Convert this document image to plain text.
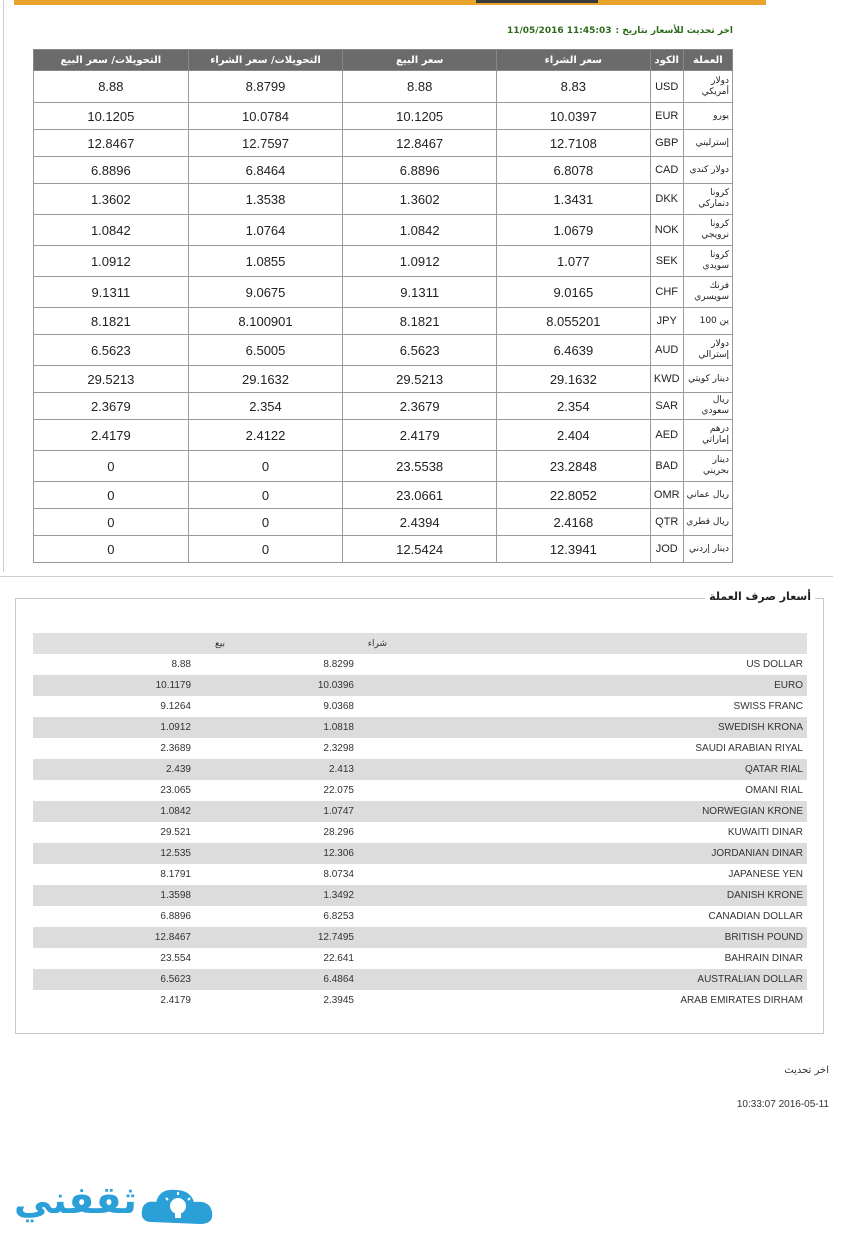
اخر تحديث للأسعار بتاريخ :11:45:03 11/05/2016
العملة	الكود	سعر الشراء	سعر البيع	التحويلات/ سعر الشراء	التحويلات/ سعر البيع
دولار أمريكي	USD	8.83	8.88	8.8799	8.88
يورو	EUR	10.0397	10.1205	10.0784	10.1205
إسترليني	GBP	12.7108	12.8467	12.7597	12.8467
دولار كندي	CAD	6.8078	6.8896	6.8464	6.8896
كرونا دنماركي	DKK	1.3431	1.3602	1.3538	1.3602
كرونا نرويجي	NOK	1.0679	1.0842	1.0764	1.0842
كرونا سويدي	SEK	1.077	1.0912	1.0855	1.0912
فرنك سويسري	CHF	9.0165	9.1311	9.0675	9.1311
ين 100	JPY	8.055201	8.1821	8.100901	8.1821
دولار إسترالي	AUD	6.4639	6.5623	6.5005	6.5623
دينار كويتي	KWD	29.1632	29.5213	29.1632	29.5213
ريال سعودي	SAR	2.354	2.3679	2.354	2.3679
درهم إماراتي	AED	2.404	2.4179	2.4122	2.4179
دينار بحريني	BAD	23.2848	23.5538	0	0
ريال عماني	OMR	22.8052	23.0661	0	0
ريال قطري	QTR	2.4168	2.4394	0	0
دينار إردني	JOD	12.3941	12.5424	0	0
أسعار صرف العملة
بيع	شراء
8.88	8.8299	US DOLLAR
10.1179	10.0396	EURO
9.1264	9.0368	SWISS FRANC
1.0912	1.0818	SWEDISH KRONA
2.3689	2.3298	SAUDI ARABIAN RIYAL
2.439	2.413	QATAR RIAL
23.065	22.075	OMANI RIAL
1.0842	1.0747	NORWEGIAN KRONE
29.521	28.296	KUWAITI DINAR
12.535	12.306	JORDANIAN DINAR
8.1791	8.0734	JAPANESE YEN
1.3598	1.3492	DANISH KRONE
6.8896	6.8253	CANADIAN DOLLAR
12.8467	12.7495	BRITISH POUND
23.554	22.641	BAHRAIN DINAR
6.5623	6.4864	AUSTRALIAN DOLLAR
2.4179	2.3945	ARAB EMIRATES DIRHAM
اخر تحديث
10:33:07 2016-05-11
ثقفني
